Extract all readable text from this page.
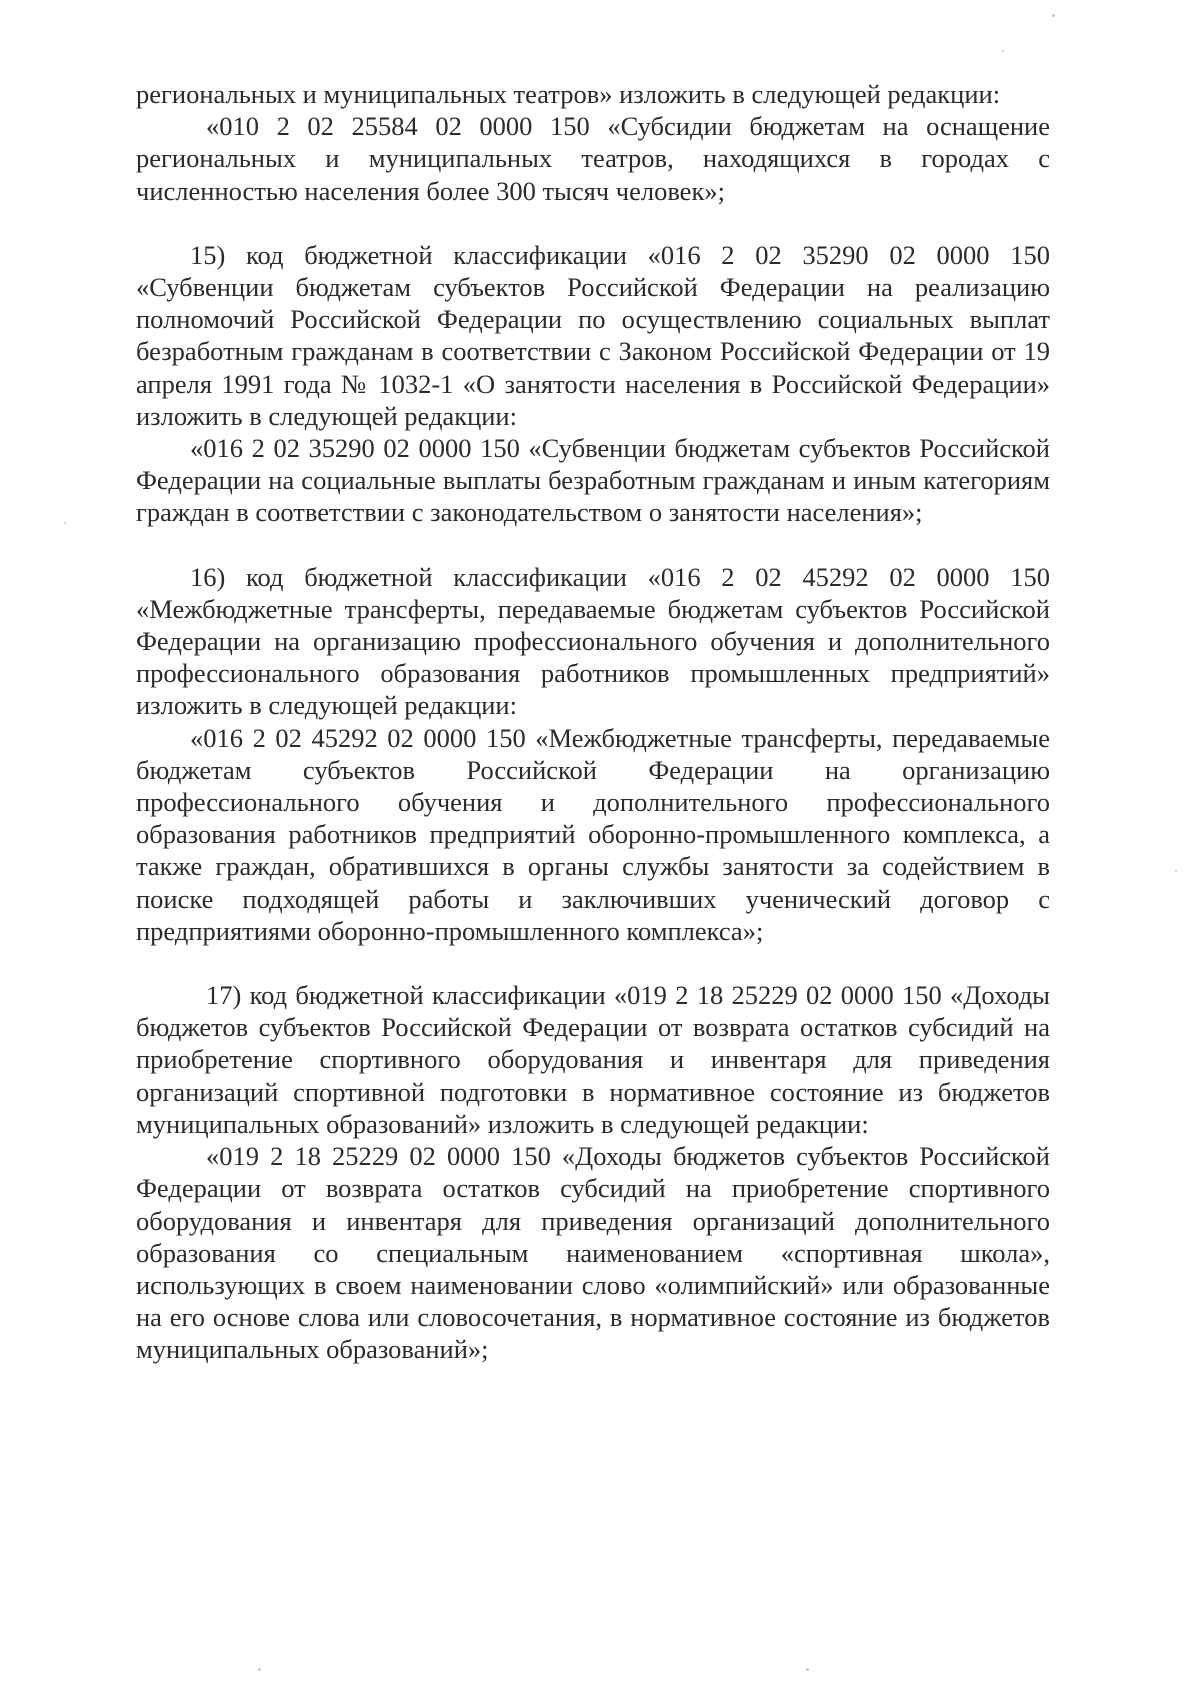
региональных и муниципальных театров» изложить в следующей редакции:

«010 2 02 25584 02 0000 150 «Субсидии бюджетам на оснащение региональных и муниципальных театров, находящихся в городах с численностью населения более 300 тысяч человек»;

15) код бюджетной классификации «016 2 02 35290 02 0000 150 «Субвенции бюджетам субъектов Российской Федерации на реализацию полномочий Российской Федерации по осуществлению социальных выплат безработным гражданам в соответствии с Законом Российской Федерации от 19 апреля 1991 года № 1032-1 «О занятости населения в Российской Федерации» изложить в следующей редакции:

«016 2 02 35290 02 0000 150 «Субвенции бюджетам субъектов Российской Федерации на социальные выплаты безработным гражданам и иным категориям граждан в соответствии с законодательством о занятости населения»;

16) код бюджетной классификации «016 2 02 45292 02 0000 150 «Межбюджетные трансферты, передаваемые бюджетам субъектов Российской Федерации на организацию профессионального обучения и дополнительного профессионального образования работников промышленных предприятий» изложить в следующей редакции:

«016 2 02 45292 02 0000 150 «Межбюджетные трансферты, передаваемые бюджетам субъектов Российской Федерации на организацию профессионального обучения и дополнительного профессионального образования работников предприятий оборонно-промышленного комплекса, а также граждан, обратившихся в органы службы занятости за содействием в поиске подходящей работы и заключивших ученический договор с предприятиями оборонно-промышленного комплекса»;

17) код бюджетной классификации «019 2 18 25229 02 0000 150 «Доходы бюджетов субъектов Российской Федерации от возврата остатков субсидий на приобретение спортивного оборудования и инвентаря для приведения организаций спортивной подготовки в нормативное состояние из бюджетов муниципальных образований» изложить в следующей редакции:

«019 2 18 25229 02 0000 150 «Доходы бюджетов субъектов Российской Федерации от возврата остатков субсидий на приобретение спортивного оборудования и инвентаря для приведения организаций дополнительного образования со специальным наименованием «спортивная школа», использующих в своем наименовании слово «олимпийский» или образованные на его основе слова или словосочетания, в нормативное состояние из бюджетов муниципальных образований»;
